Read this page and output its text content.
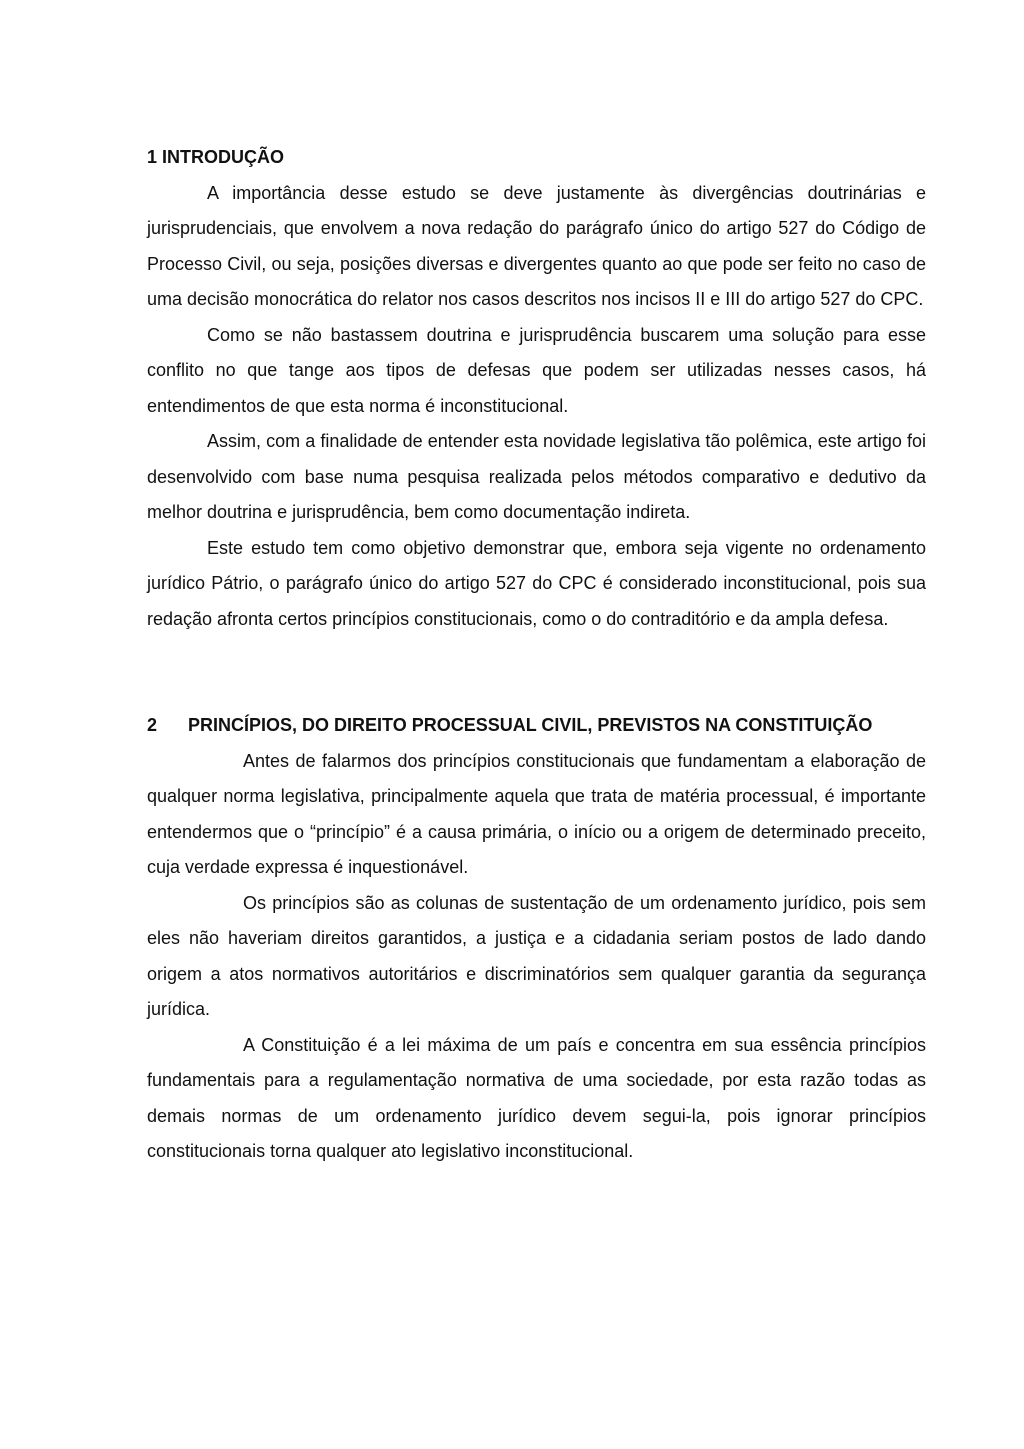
1 INTRODUÇÃO

A importância desse estudo se deve justamente às divergências doutrinárias e jurisprudenciais, que envolvem a nova redação do parágrafo único do artigo 527 do Código de Processo Civil, ou seja, posições diversas e divergentes quanto ao que pode ser feito no caso de uma decisão monocrática do relator nos casos descritos nos incisos II e III do artigo 527 do CPC.

Como se não bastassem doutrina e jurisprudência buscarem uma solução para esse conflito no que tange aos tipos de defesas que podem ser utilizadas nesses casos, há entendimentos de que esta norma é inconstitucional.

Assim, com a finalidade de entender esta novidade legislativa tão polêmica, este artigo foi desenvolvido com base numa pesquisa realizada pelos métodos comparativo e dedutivo da melhor doutrina e jurisprudência, bem como documentação indireta.

Este estudo tem como objetivo demonstrar que, embora seja vigente no ordenamento jurídico Pátrio, o parágrafo único do artigo 527 do CPC é considerado inconstitucional, pois sua redação afronta certos princípios constitucionais, como o do contraditório e da ampla defesa.

2	PRINCÍPIOS, DO DIREITO PROCESSUAL CIVIL, PREVISTOS NA CONSTITUIÇÃO

Antes de falarmos dos princípios constitucionais que fundamentam a elaboração de qualquer norma legislativa, principalmente aquela que trata de matéria processual, é importante entendermos que o “princípio” é a causa primária, o início ou a origem de determinado preceito, cuja verdade expressa é inquestionável.

Os princípios são as colunas de sustentação de um ordenamento jurídico, pois sem eles não haveriam direitos garantidos, a justiça e a cidadania seriam postos de lado dando origem a atos normativos autoritários e discriminatórios sem qualquer garantia da segurança jurídica.

A Constituição é a lei máxima de um país e concentra em sua essência princípios fundamentais para a regulamentação normativa de uma sociedade, por esta razão todas as demais normas de um ordenamento jurídico devem segui-la, pois ignorar princípios constitucionais torna qualquer ato legislativo inconstitucional.
